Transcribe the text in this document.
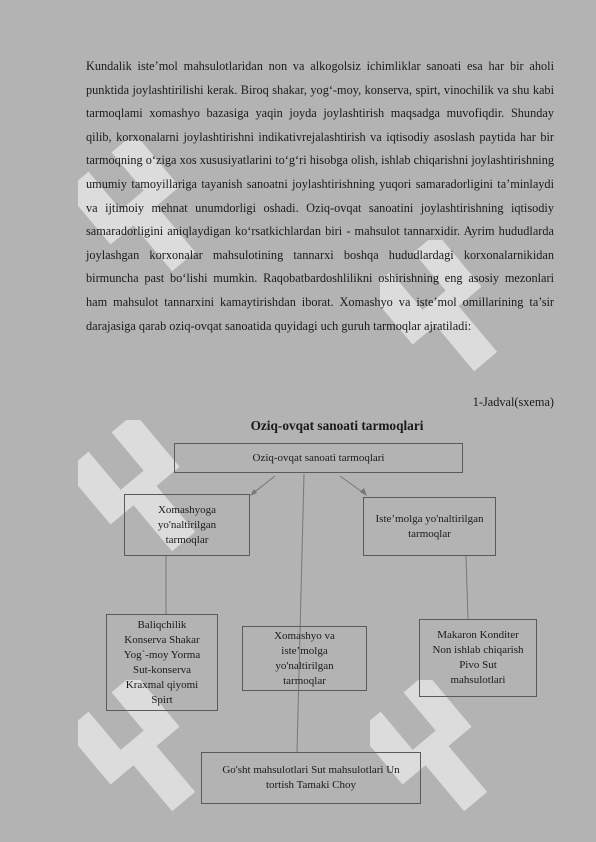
Kundalik iste’mol mahsulotlaridan non va alkogolsiz ichimliklar sanoati esa har bir aholi punktida joylashtirilishi kerak. Biroq shakar, yog‘-moy, konserva, spirt, vinochilik va shu kabi tarmoqlami xomashyo bazasiga yaqin joyda joylashtirish maqsadga muvofiqdir. Shunday qilib, korxonalarni joylashtirishni indikativrejalashtirish va iqtisodiy asoslash paytida har bir tarmoqning o‘ziga xos xususiyatlarini to‘g‘ri hisobga olish, ishlab chiqarishni joylashtirishning umumiy tamoyillariga tayanish sanoatni joylashtirishning yuqori samaradorligini ta’minlaydi va ijtimoiy mehnat unumdorligi oshadi. Oziq-ovqat sanoatini joylashtirishning iqtisodiy samaradorligini aniqlaydigan ko‘rsatkichlardan biri - mahsulot tannarxidir. Ayrim hududlarda joylashgan korxonalar mahsulotining tannarxi boshqa hududlardagi korxonalarnikidan birmuncha past bo‘lishi mumkin. Raqobatbardoshlilikni oshirishning eng asosiy mezonlari ham mahsulot tannarxini kamaytirishdan iborat. Xomashyo va iste’mol omillarining ta’sir darajasiga qarab oziq-ovqat sanoatida quyidagi uch guruh tarmoqlar ajratiladi:

1-Jadval(sxema)

Oziq-ovqat sanoati tarmoqlari

Oziq-ovqat sanoati tarmoqlari
Xomashyoga
yo'naltirilgan
tarmoqlar
Iste’molga yo'naltirilgan
tarmoqlar
Baliqchilik
Konserva Shakar
Yog`-moy Yorma
Sut-konserva
Kraxmal qiyomi
Spirt
Xomashyo va
iste’molga
yo'naltirilgan
tarmoqlar
Makaron Konditer
Non ishlab chiqarish
Pivo Sut
mahsulotlari
Go'sht mahsulotlari Sut mahsulotlari Un
tortish Tamaki Choy
